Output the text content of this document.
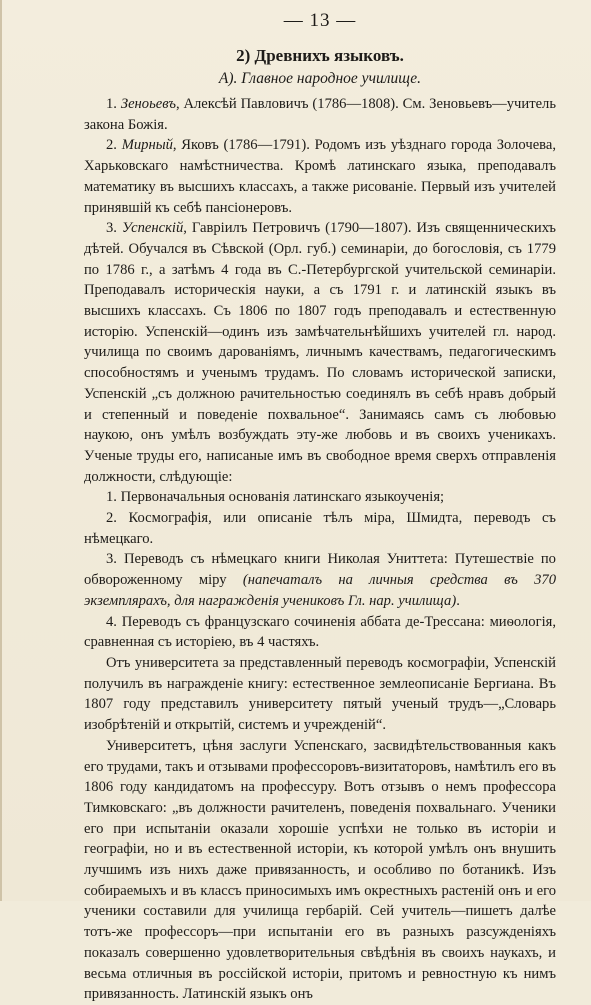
— 13 —
2) Древнихъ языковъ.
А). Главное народное училище.

1. Зеноьевъ, Алексѣй Павловичъ (1786—1808). См. Зеновьевъ—учитель закона Божія.

2. Мирный, Яковъ (1786—1791). Родомъ изъ уѣзднаго города Золочева, Харьковскаго намѣстничества. Кромѣ латинскаго языка, преподавалъ математику въ высшихъ классахъ, а также рисованіе. Первый изъ учителей принявшій къ себѣ пансіонеровъ.

3. Успенскій, Гавріилъ Петровичъ (1790—1807). Изъ священническихъ дѣтей. Обучался въ Сѣвской (Орл. губ.) семинаріи, до богословія, съ 1779 по 1786 г., а затѣмъ 4 года въ С.-Петербургской учительской семинаріи. Преподавалъ историческія науки, а съ 1791 г. и латинскій языкъ въ высшихъ классахъ. Съ 1806 по 1807 годъ преподавалъ и естественную исторію. Успенскій—одинъ изъ замѣчательнѣйшихъ учителей гл. народ. училища по своимъ дарованіямъ, личнымъ качествамъ, педагогическимъ способностямъ и ученымъ трудамъ. По словамъ исторической записки, Успенскій „съ должною рачительностью соединялъ въ себѣ нравъ добрый и степенный и поведеніе похвальное“. Занимаясь самъ съ любовью наукою, онъ умѣлъ возбуждать эту-же любовь и въ своихъ ученикахъ. Ученые труды его, написаные имъ въ свободное время сверхъ отправленія должности, слѣдующіе:

1. Первоначальныя основанія латинскаго языкоученія;

2. Космографія, или описаніе тѣлъ міра, Шмидта, переводъ съ нѣмецкаго.

3. Переводъ съ нѣмецкаго книги Николая Униттета: Путешествіе по обвороженному міру (напечаталъ на личныя средства въ 370 экземплярахъ, для награжденія учениковъ Гл. нар. училища).

4. Переводъ съ французскаго сочиненія аббата де-Трессана: миѳологія, сравненная съ исторіею, въ 4 частяхъ.

Отъ университета за представленный переводъ космографіи, Успенскій получилъ въ награжденіе книгу: естественное землеописаніе Бергиана. Въ 1807 году представилъ университету пятый ученый трудъ—„Словарь изобрѣтеній и открытій, системъ и учрежденій“.

Университетъ, цѣня заслуги Успенскаго, засвидѣтельствованныя какъ его трудами, такъ и отзывами профессоровъ-визитаторовъ, намѣтилъ его въ 1806 году кандидатомъ на профессуру. Вотъ отзывъ о немъ профессора Тимковскаго: „въ должности рачителенъ, поведенія похвальнаго. Ученики его при испытаніи оказали хорошіе успѣхи не только въ исторіи и географіи, но и въ естественной исторіи, къ которой умѣлъ онъ внушить лучшимъ изъ нихъ даже привязанность, и особливо по ботаникѣ. Изъ собираемыхъ и въ классъ приносимыхъ имъ окрестныхъ растеній онъ и его ученики составили для училища гербарій. Сей учитель—пишетъ далѣе тотъ-же профессоръ—при испытаніи его въ разныхъ разсужденіяхъ показалъ совершенно удовлетворительныя свѣдѣнія въ своихъ наукахъ, и весьма отличныя въ россійской исторіи, притомъ и ревностную къ нимъ привязанность. Латинскій языкъ онъ
